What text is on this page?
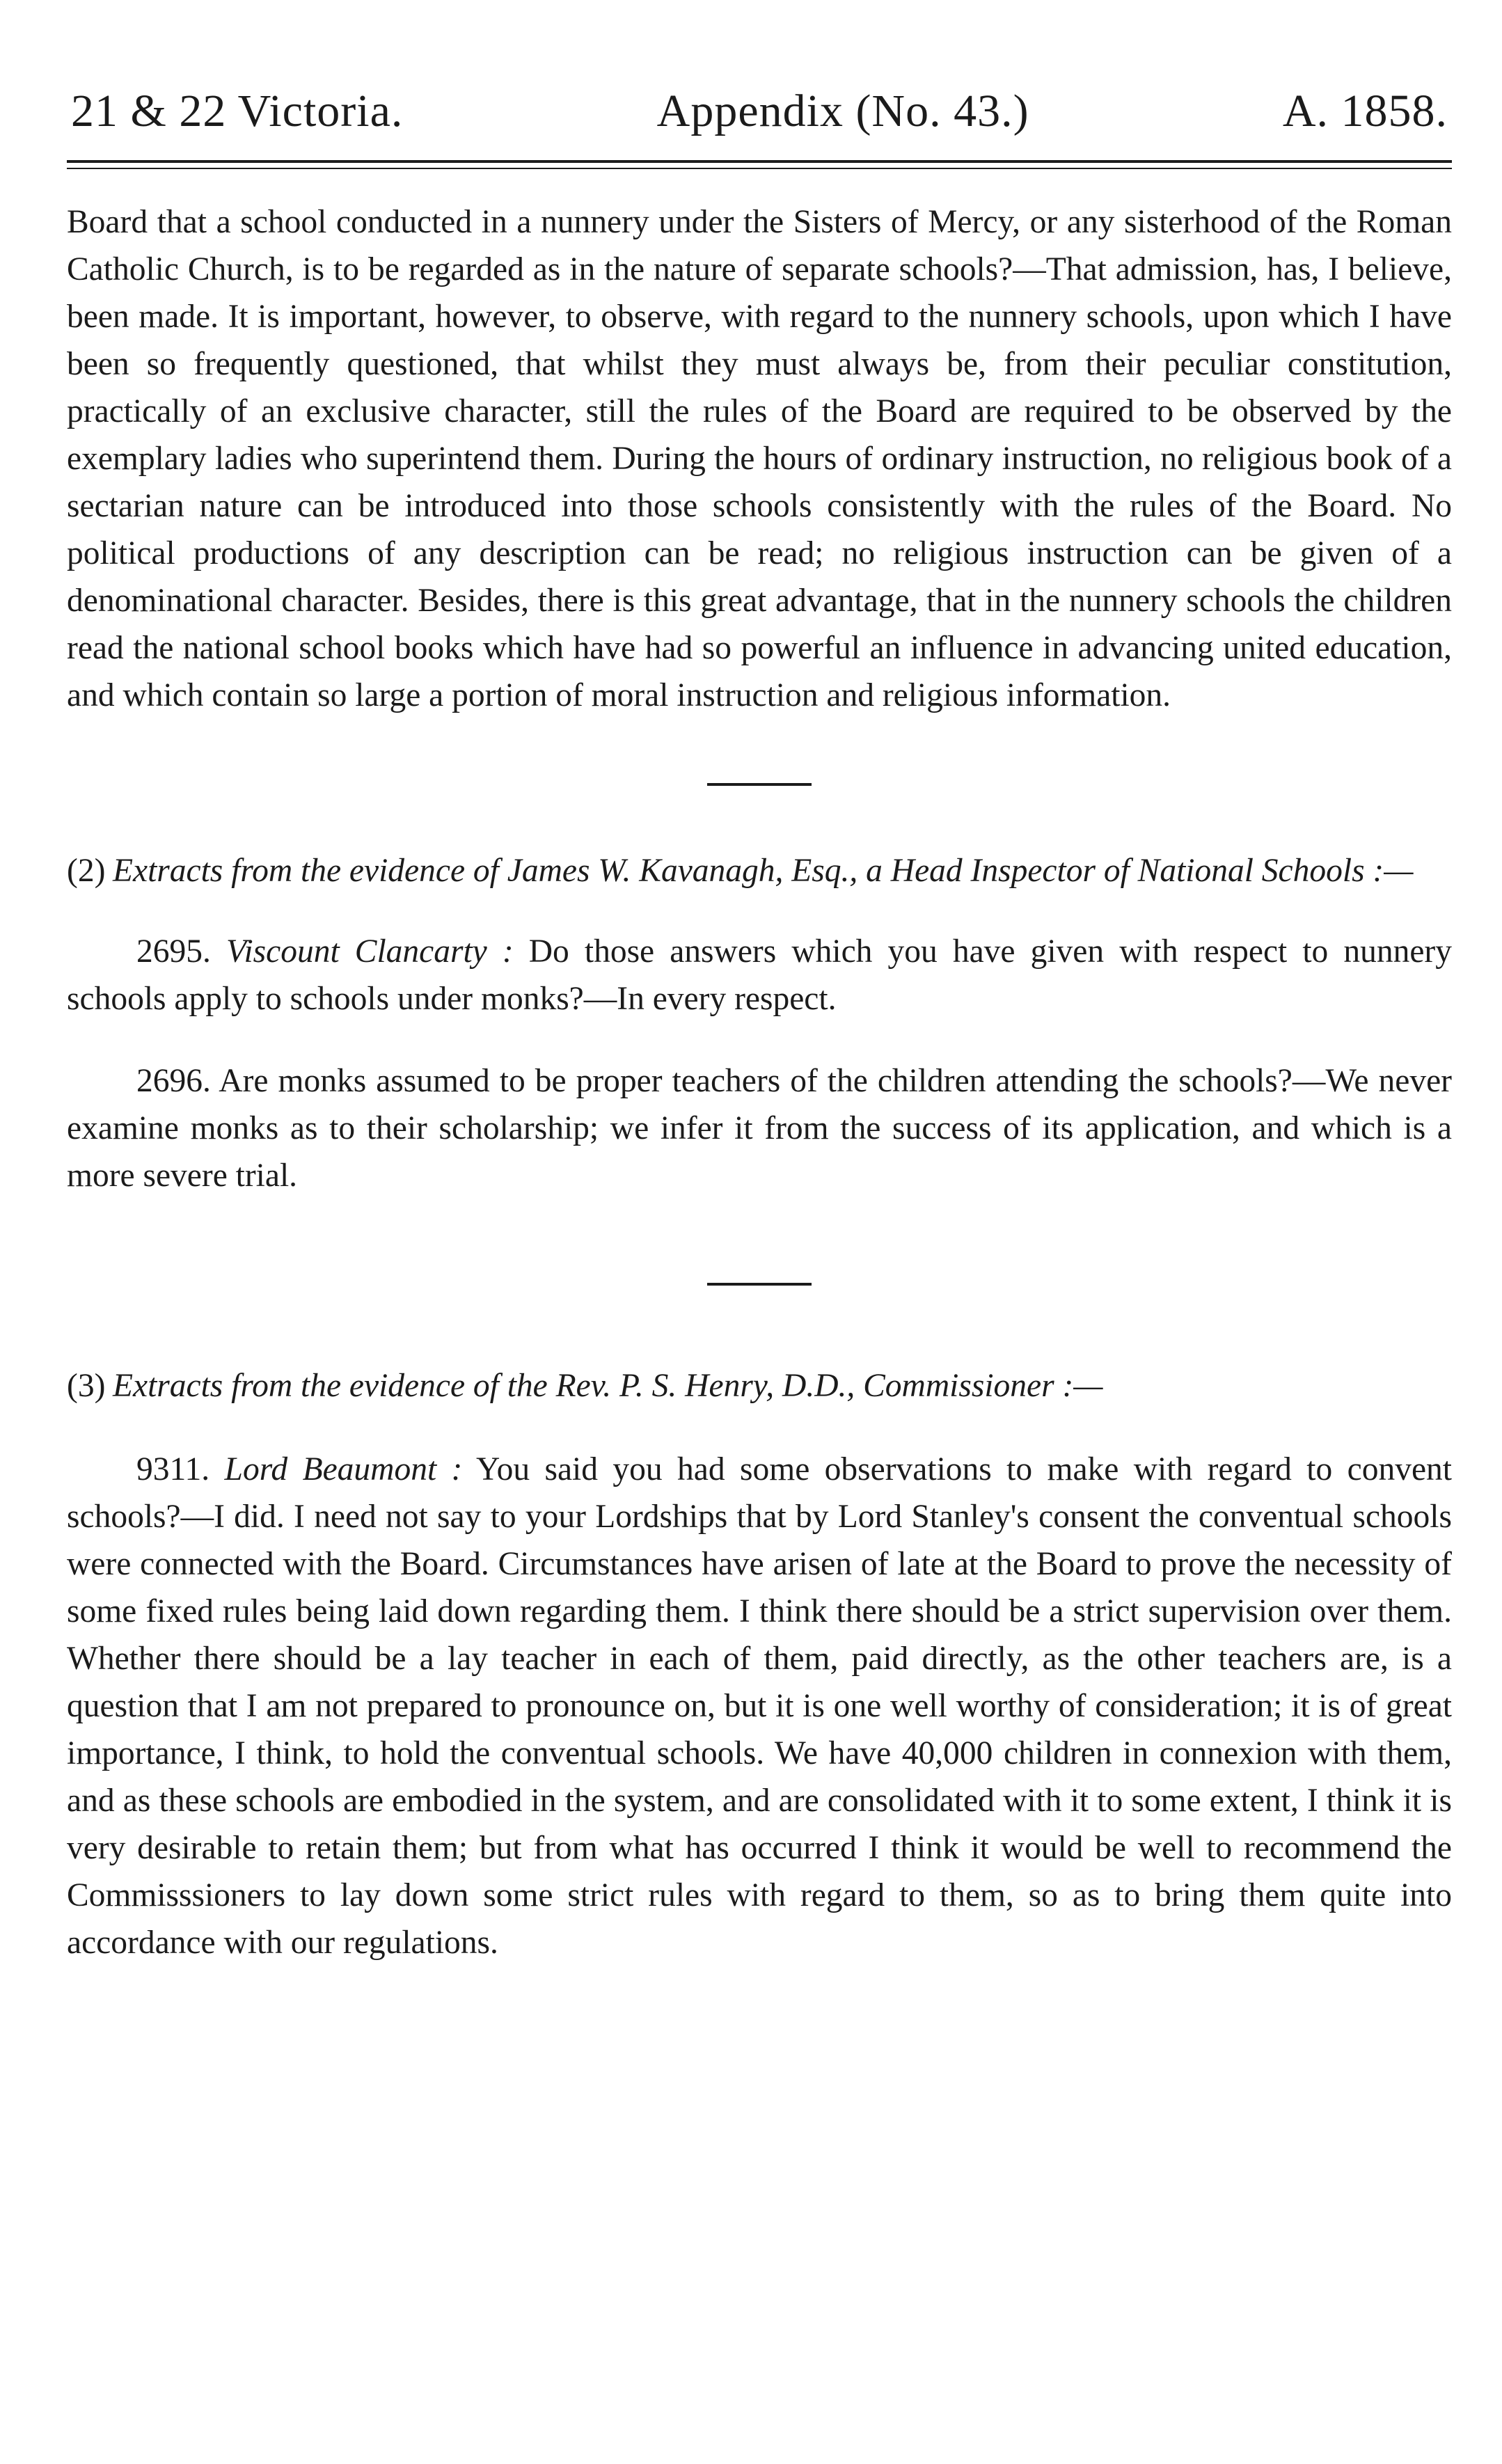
21 & 22 Victoria.	Appendix (No. 43.)	A. 1858.

Board that a school conducted in a nunnery under the Sisters of Mercy, or any sisterhood of the Roman Catholic Church, is to be regarded as in the nature of separate schools?—That admission, has, I believe, been made. It is important, however, to observe, with regard to the nunnery schools, upon which I have been so frequently questioned, that whilst they must always be, from their peculiar constitution, practically of an exclusive character, still the rules of the Board are required to be observed by the exemplary ladies who superintend them. During the hours of ordinary instruction, no religious book of a sectarian nature can be introduced into those schools consistently with the rules of the Board. No political productions of any description can be read; no religious instruction can be given of a denominational character. Besides, there is this great advantage, that in the nunnery schools the children read the national school books which have had so powerful an influence in advancing united education, and which contain so large a portion of moral instruction and religious information.

(2) Extracts from the evidence of James W. Kavanagh, Esq., a Head Inspector of National Schools :—

2695. Viscount Clancarty : Do those answers which you have given with respect to nunnery schools apply to schools under monks?—In every respect.

2696. Are monks assumed to be proper teachers of the children attending the schools?—We never examine monks as to their scholarship; we infer it from the success of its application, and which is a more severe trial.

(3) Extracts from the evidence of the Rev. P. S. Henry, D.D., Commissioner :—

9311. Lord Beaumont : You said you had some observations to make with regard to convent schools?—I did. I need not say to your Lordships that by Lord Stanley's consent the conventual schools were connected with the Board. Circumstances have arisen of late at the Board to prove the necessity of some fixed rules being laid down regarding them. I think there should be a strict supervision over them. Whether there should be a lay teacher in each of them, paid directly, as the other teachers are, is a question that I am not prepared to pronounce on, but it is one well worthy of consideration; it is of great importance, I think, to hold the conventual schools. We have 40,000 children in connexion with them, and as these schools are embodied in the system, and are consolidated with it to some extent, I think it is very desirable to retain them; but from what has occurred I think it would be well to recommend the Commisssioners to lay down some strict rules with regard to them, so as to bring them quite into accordance with our regulations.
